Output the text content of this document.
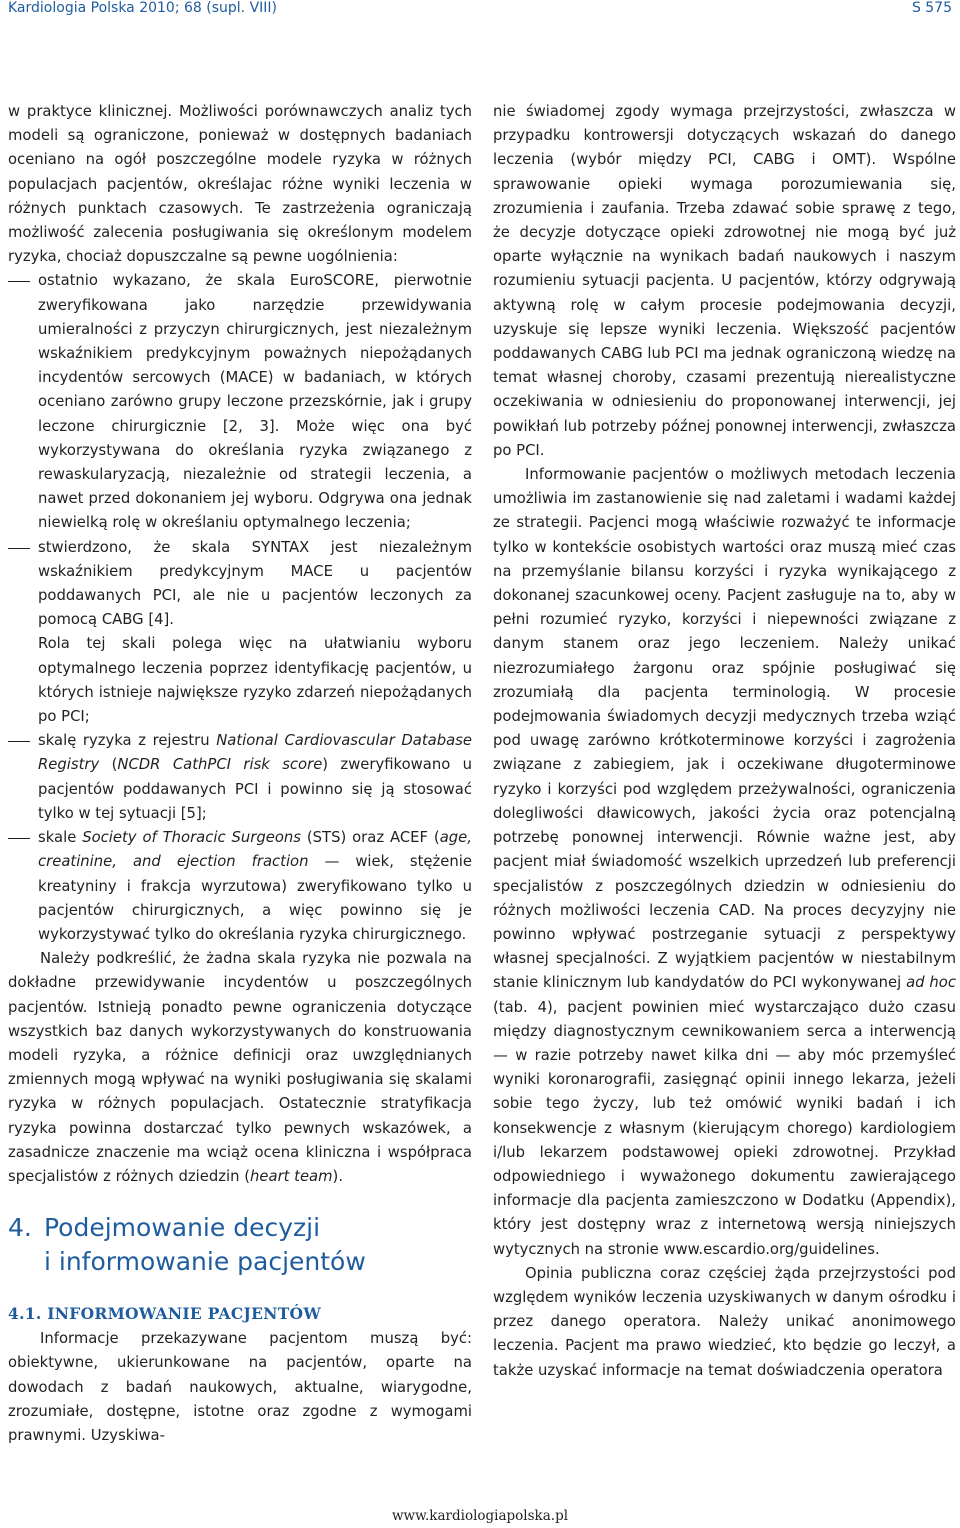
Kardiologia Polska 2010; 68 (supl. VIII)	S 575

w praktyce klinicznej. Możliwości porównawczych analiz tych modeli są ograniczone, ponieważ w dostępnych badaniach oceniano na ogół poszczególne modele ryzyka w różnych populacjach pacjentów, określajac różne wyniki leczenia w różnych punktach czasowych. Te zastrzeżenia ograniczają możliwość zalecenia posługiwania się określonym modelem ryzyka, chociaż dopuszczalne są pewne uogólnienia:

ostatnio wykazano, że skala EuroSCORE, pierwotnie zweryfikowana jako narzędzie przewidywania umieralności z przyczyn chirurgicznych, jest niezależnym wskaźnikiem predykcyjnym poważnych niepożądanych incydentów sercowych (MACE) w badaniach, w których oceniano zarówno grupy leczone przezskórnie, jak i grupy leczone chirurgicznie [2, 3]. Może więc ona być wykorzystywana do określania ryzyka związanego z rewaskularyzacją, niezależnie od strategii leczenia, a nawet przed dokonaniem jej wyboru. Odgrywa ona jednak niewielką rolę w określaniu optymalnego leczenia;

stwierdzono, że skala SYNTAX jest niezależnym wskaźnikiem predykcyjnym MACE u pacjentów poddawanych PCI, ale nie u pacjentów leczonych za pomocą CABG [4].

Rola tej skali polega więc na ułatwianiu wyboru optymalnego leczenia poprzez identyfikację pacjentów, u których istnieje największe ryzyko zdarzeń niepożądanych po PCI;

skalę ryzyka z rejestru National Cardiovascular Database Registry (NCDR CathPCI risk score) zweryfikowano u pacjentów poddawanych PCI i powinno się ją stosować tylko w tej sytuacji [5];

skale Society of Thoracic Surgeons (STS) oraz ACEF (age, creatinine, and ejection fraction — wiek, stężenie kreatyniny i frakcja wyrzutowa) zweryfikowano tylko u pacjentów chirurgicznych, a więc powinno się je wykorzystywać tylko do określania ryzyka chirurgicznego.

Należy podkreślić, że żadna skala ryzyka nie pozwala na dokładne przewidywanie incydentów u poszczególnych pacjentów. Istnieją ponadto pewne ograniczenia dotyczące wszystkich baz danych wykorzystywanych do konstruowania modeli ryzyka, a różnice definicji oraz uwzględnianych zmiennych mogą wpływać na wyniki posługiwania się skalami ryzyka w różnych populacjach. Ostatecznie stratyfikacja ryzyka powinna dostarczać tylko pewnych wskazówek, a zasadnicze znaczenie ma wciąż ocena kliniczna i współpraca specjalistów z różnych dziedzin (heart team).

4. Podejmowanie decyzji
i informowanie pacjentów

4.1. INFORMOWANIE PACJENTÓW

Informacje przekazywane pacjentom muszą być: obiektywne, ukierunkowane na pacjentów, oparte na dowodach z badań naukowych, aktualne, wiarygodne, zrozumiałe, dostępne, istotne oraz zgodne z wymogami prawnymi. Uzyskiwa-

nie świadomej zgody wymaga przejrzystości, zwłaszcza w przypadku kontrowersji dotyczących wskazań do danego leczenia (wybór między PCI, CABG i OMT). Wspólne sprawowanie opieki wymaga porozumiewania się, zrozumienia i zaufania. Trzeba zdawać sobie sprawę z tego, że decyzje dotyczące opieki zdrowotnej nie mogą być już oparte wyłącznie na wynikach badań naukowych i naszym rozumieniu sytuacji pacjenta. U pacjentów, którzy odgrywają aktywną rolę w całym procesie podejmowania decyzji, uzyskuje się lepsze wyniki leczenia. Większość pacjentów poddawanych CABG lub PCI ma jednak ograniczoną wiedzę na temat własnej choroby, czasami prezentują nierealistyczne oczekiwania w odniesieniu do proponowanej interwencji, jej powikłań lub potrzeby późnej ponownej interwencji, zwłaszcza po PCI.

Informowanie pacjentów o możliwych metodach leczenia umożliwia im zastanowienie się nad zaletami i wadami każdej ze strategii. Pacjenci mogą właściwie rozważyć te informacje tylko w kontekście osobistych wartości oraz muszą mieć czas na przemyślanie bilansu korzyści i ryzyka wynikającego z dokonanej szacunkowej oceny. Pacjent zasługuje na to, aby w pełni rozumieć ryzyko, korzyści i niepewności związane z danym stanem oraz jego leczeniem. Należy unikać niezrozumiałego żargonu oraz spójnie posługiwać się zrozumiałą dla pacjenta terminologią. W procesie podejmowania świadomych decyzji medycznych trzeba wziąć pod uwagę zarówno krótkoterminowe korzyści i zagrożenia związane z zabiegiem, jak i oczekiwane długoterminowe ryzyko i korzyści pod względem przeżywalności, ograniczenia dolegliwości dławicowych, jakości życia oraz potencjalną potrzebę ponownej interwencji. Równie ważne jest, aby pacjent miał świadomość wszelkich uprzedzeń lub preferencji specjalistów z poszczególnych dziedzin w odniesieniu do różnych możliwości leczenia CAD. Na proces decyzyjny nie powinno wpływać postrzeganie sytuacji z perspektywy własnej specjalności. Z wyjątkiem pacjentów w niestabilnym stanie klinicznym lub kandydatów do PCI wykonywanej ad hoc (tab. 4), pacjent powinien mieć wystarczająco dużo czasu między diagnostycznym cewnikowaniem serca a interwencją — w razie potrzeby nawet kilka dni — aby móc przemyśleć wyniki koronarografii, zasięgnąć opinii innego lekarza, jeżeli sobie tego życzy, lub też omówić wyniki badań i ich konsekwencje z własnym (kierującym chorego) kardiologiem i/lub lekarzem podstawowej opieki zdrowotnej. Przykład odpowiedniego i wyważonego dokumentu zawierającego informacje dla pacjenta zamieszczono w Dodatku (Appendix), który jest dostępny wraz z internetową wersją niniejszych wytycznych na stronie www.escardio.org/guidelines.

Opinia publiczna coraz częściej żąda przejrzystości pod względem wyników leczenia uzyskiwanych w danym ośrodku i przez danego operatora. Należy unikać anonimowego leczenia. Pacjent ma prawo wiedzieć, kto będzie go leczył, a także uzyskać informacje na temat doświadczenia operatora

www.kardiologiapolska.pl
